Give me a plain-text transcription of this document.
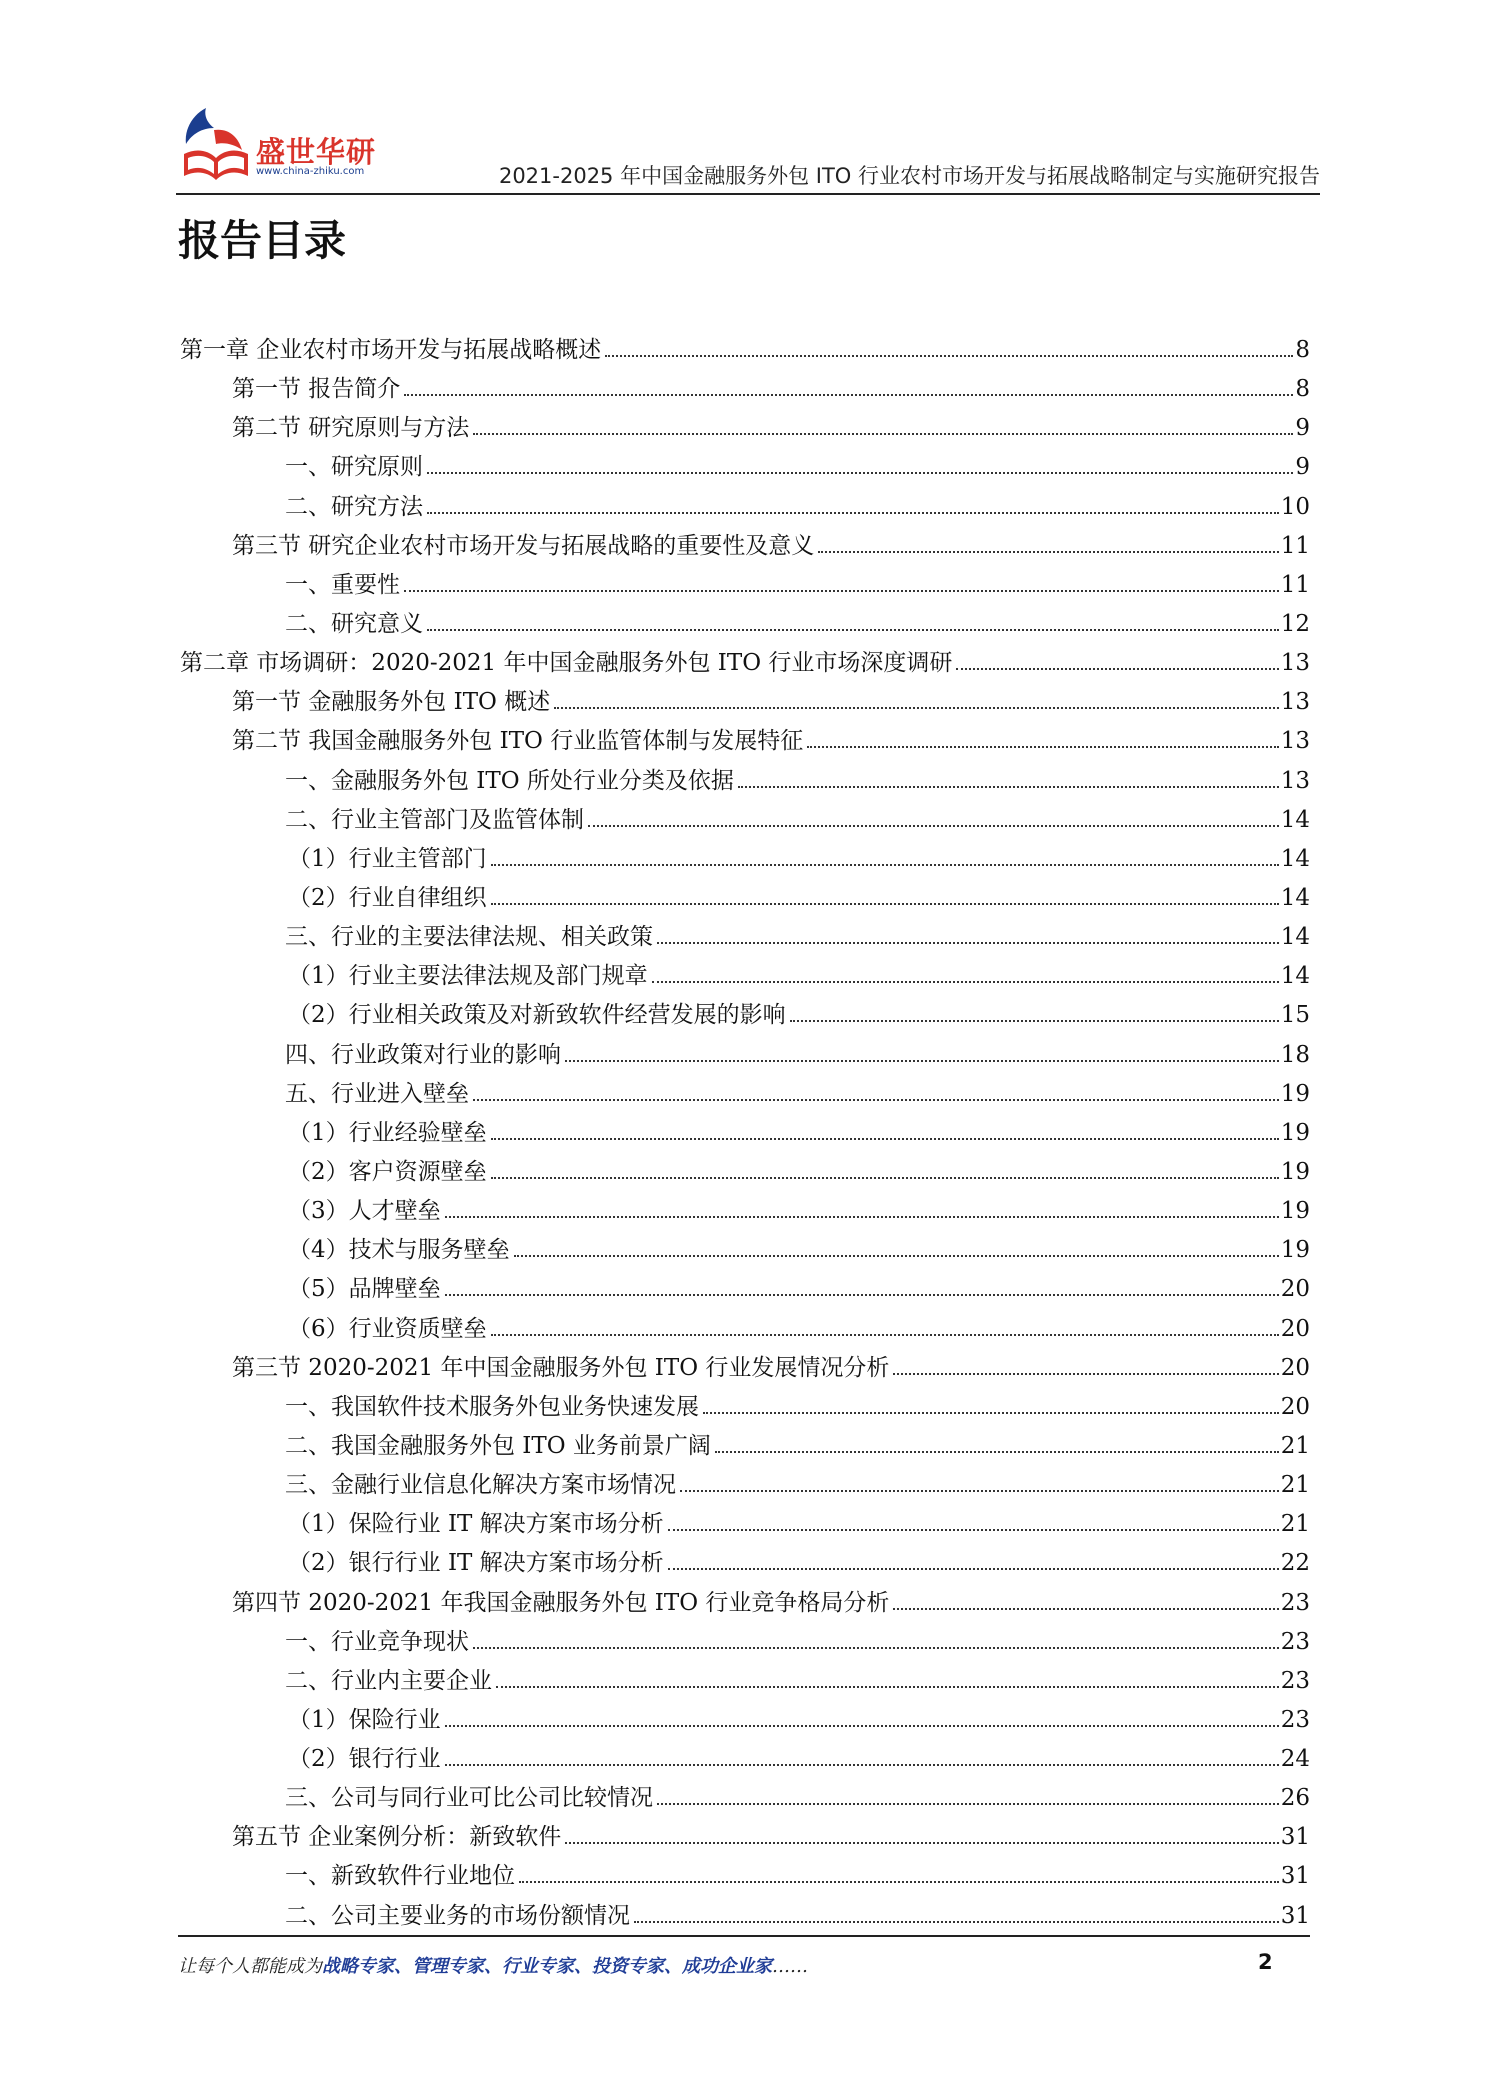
盛世华研
www.china-zhiku.com	2021-2025 年中国金融服务外包 ITO 行业农村市场开发与拓展战略制定与实施研究报告
报告目录
第一章 企业农村市场开发与拓展战略概述	8
第一节 报告简介	8
第二节 研究原则与方法	9
一、研究原则	9
二、研究方法	10
第三节 研究企业农村市场开发与拓展战略的重要性及意义	11
一、重要性	11
二、研究意义	12
第二章 市场调研：2020-2021 年中国金融服务外包 ITO 行业市场深度调研	13
第一节 金融服务外包 ITO 概述	13
第二节 我国金融服务外包 ITO 行业监管体制与发展特征	13
一、金融服务外包 ITO 所处行业分类及依据	13
二、行业主管部门及监管体制	14
（1）行业主管部门	14
（2）行业自律组织	14
三、行业的主要法律法规、相关政策	14
（1）行业主要法律法规及部门规章	14
（2）行业相关政策及对新致软件经营发展的影响	15
四、行业政策对行业的影响	18
五、行业进入壁垒	19
（1）行业经验壁垒	19
（2）客户资源壁垒	19
（3）人才壁垒	19
（4）技术与服务壁垒	19
（5）品牌壁垒	20
（6）行业资质壁垒	20
第三节 2020-2021 年中国金融服务外包 ITO 行业发展情况分析	20
一、我国软件技术服务外包业务快速发展	20
二、我国金融服务外包 ITO 业务前景广阔	21
三、金融行业信息化解决方案市场情况	21
（1）保险行业 IT 解决方案市场分析	21
（2）银行行业 IT 解决方案市场分析	22
第四节 2020-2021 年我国金融服务外包 ITO 行业竞争格局分析	23
一、行业竞争现状	23
二、行业内主要企业	23
（1）保险行业	23
（2）银行行业	24
三、公司与同行业可比公司比较情况	26
第五节 企业案例分析：新致软件	31
一、新致软件行业地位	31
二、公司主要业务的市场份额情况	31
让每个人都能成为战略专家、管理专家、行业专家、投资专家、成功企业家……	2
